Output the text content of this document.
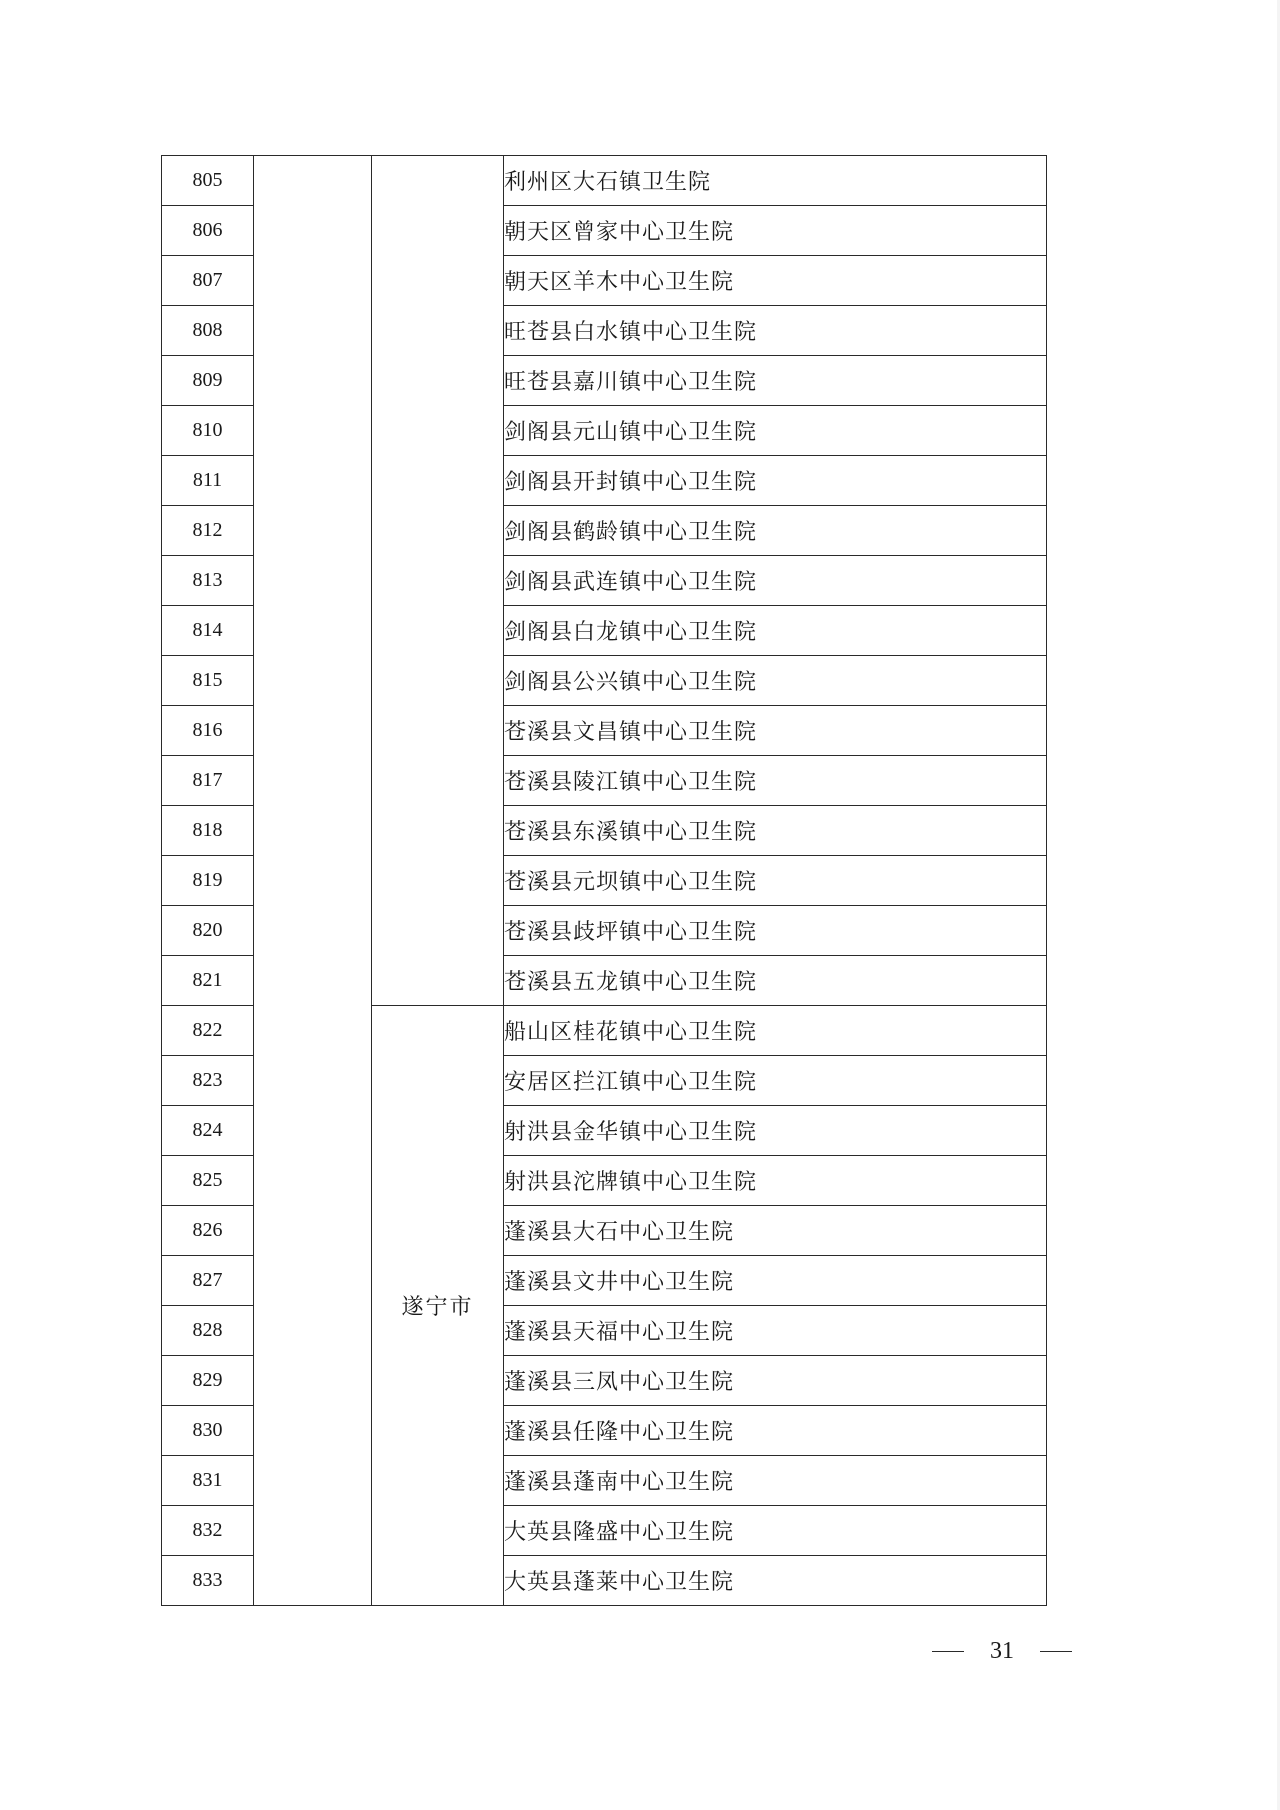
805			利州区大石镇卫生院
806			朝天区曾家中心卫生院
807			朝天区羊木中心卫生院
808			旺苍县白水镇中心卫生院
809			旺苍县嘉川镇中心卫生院
810			剑阁县元山镇中心卫生院
811			剑阁县开封镇中心卫生院
812			剑阁县鹤龄镇中心卫生院
813			剑阁县武连镇中心卫生院
814			剑阁县白龙镇中心卫生院
815			剑阁县公兴镇中心卫生院
816			苍溪县文昌镇中心卫生院
817			苍溪县陵江镇中心卫生院
818			苍溪县东溪镇中心卫生院
819			苍溪县元坝镇中心卫生院
820			苍溪县歧坪镇中心卫生院
821			苍溪县五龙镇中心卫生院
822		遂宁市	船山区桂花镇中心卫生院
823			安居区拦江镇中心卫生院
824			射洪县金华镇中心卫生院
825			射洪县沱牌镇中心卫生院
826			蓬溪县大石中心卫生院
827			蓬溪县文井中心卫生院
828			蓬溪县天福中心卫生院
829			蓬溪县三凤中心卫生院
830			蓬溪县任隆中心卫生院
831			蓬溪县蓬南中心卫生院
832			大英县隆盛中心卫生院
833			大英县蓬莱中心卫生院
31
